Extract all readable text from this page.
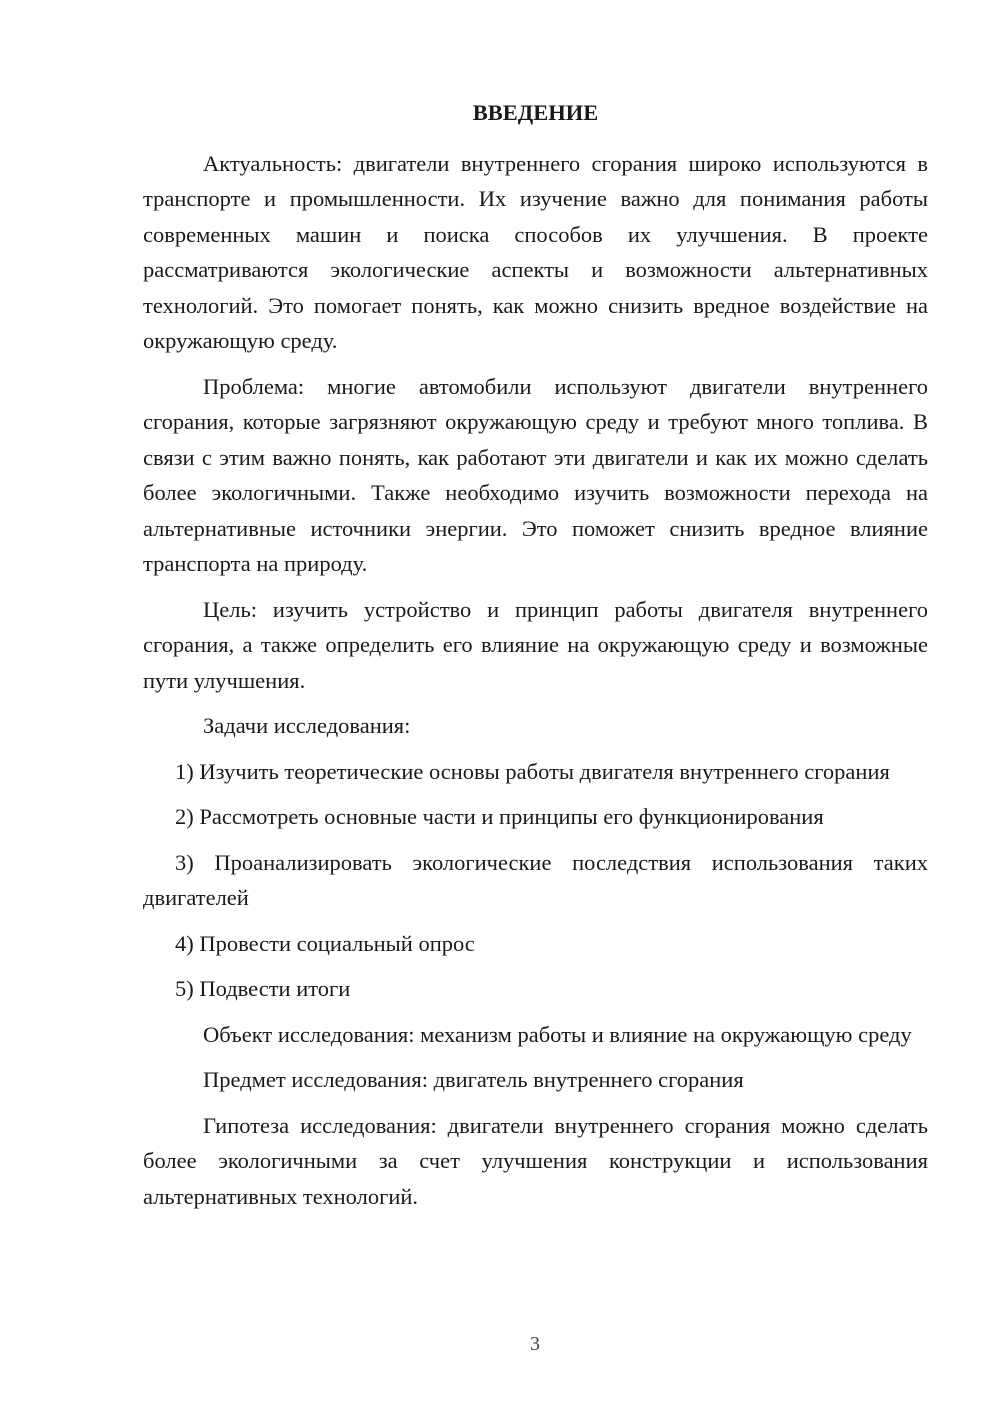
ВВЕДЕНИЕ

Актуальность: двигатели внутреннего сгорания широко используются в транспорте и промышленности. Их изучение важно для понимания работы современных машин и поиска способов их улучшения. В проекте рассматриваются экологические аспекты и возможности альтернативных технологий. Это помогает понять, как можно снизить вредное воздействие на окружающую среду.

Проблема: многие автомобили используют двигатели внутреннего сгорания, которые загрязняют окружающую среду и требуют много топлива. В связи с этим важно понять, как работают эти двигатели и как их можно сделать более экологичными. Также необходимо изучить возможности перехода на альтернативные источники энергии. Это поможет снизить вредное влияние транспорта на природу.

Цель: изучить устройство и принцип работы двигателя внутреннего сгорания, а также определить его влияние на окружающую среду и возможные пути улучшения.

Задачи исследования:

1) Изучить теоретические основы работы двигателя внутреннего сгорания

2) Рассмотреть основные части и принципы его функционирования

3) Проанализировать экологические последствия использования таких двигателей

4) Провести социальный опрос

5) Подвести итоги

Объект исследования: механизм работы и влияние на окружающую среду

Предмет исследования: двигатель внутреннего сгорания

Гипотеза исследования: двигатели внутреннего сгорания можно сделать более экологичными за счет улучшения конструкции и использования альтернативных технологий.

3
